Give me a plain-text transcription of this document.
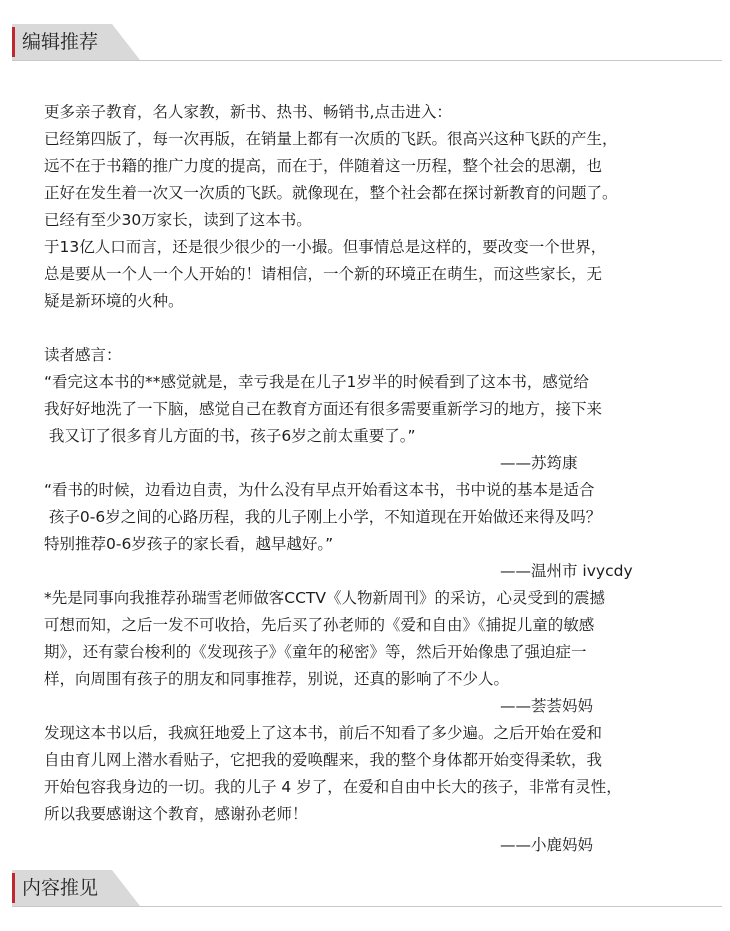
编辑推荐
更多亲子教育，名人家教，新书、热书、畅销书,点击进入：
已经第四版了，每一次再版，在销量上都有一次质的飞跃。很高兴这种飞跃的产生，
远不在于书籍的推广力度的提高，而在于，伴随着这一历程，整个社会的思潮，也
正好在发生着一次又一次质的飞跃。就像现在，整个社会都在探讨新教育的问题了。
已经有至少30万家长，读到了这本书。
于13亿人口而言，还是很少很少的一小撮。但事情总是这样的，要改变一个世界，
总是要从一个人一个人开始的！请相信，一个新的环境正在萌生，而这些家长，无
疑是新环境的火种。
读者感言：
“看完这本书的**感觉就是，幸亏我是在儿子1岁半的时候看到了这本书，感觉给
我好好地洗了一下脑，感觉自己在教育方面还有很多需要重新学习的地方，接下来
我又订了很多育儿方面的书，孩子6岁之前太重要了。”
——苏筠康
“看书的时候，边看边自责，为什么没有早点开始看这本书，书中说的基本是适合
孩子0-6岁之间的心路历程，我的儿子刚上小学，不知道现在开始做还来得及吗？
特别推荐0-6岁孩子的家长看，越早越好。”
——温州市 ivycdy
*先是同事向我推荐孙瑞雪老师做客CCTV《人物新周刊》的采访，心灵受到的震撼
可想而知，之后一发不可收拾，先后买了孙老师的《爱和自由》《捕捉儿童的敏感
期》，还有蒙台梭利的《发现孩子》《童年的秘密》等，然后开始像患了强迫症一
样，向周围有孩子的朋友和同事推荐，别说，还真的影响了不少人。
——荟荟妈妈
发现这本书以后，我疯狂地爱上了这本书，前后不知看了多少遍。之后开始在爱和
自由育儿网上潜水看贴子，它把我的爱唤醒来，我的整个身体都开始变得柔软，我
开始包容我身边的一切。我的儿子 4 岁了，在爱和自由中长大的孩子，非常有灵性，
所以我要感谢这个教育，感谢孙老师！
——小鹿妈妈
内容推见
